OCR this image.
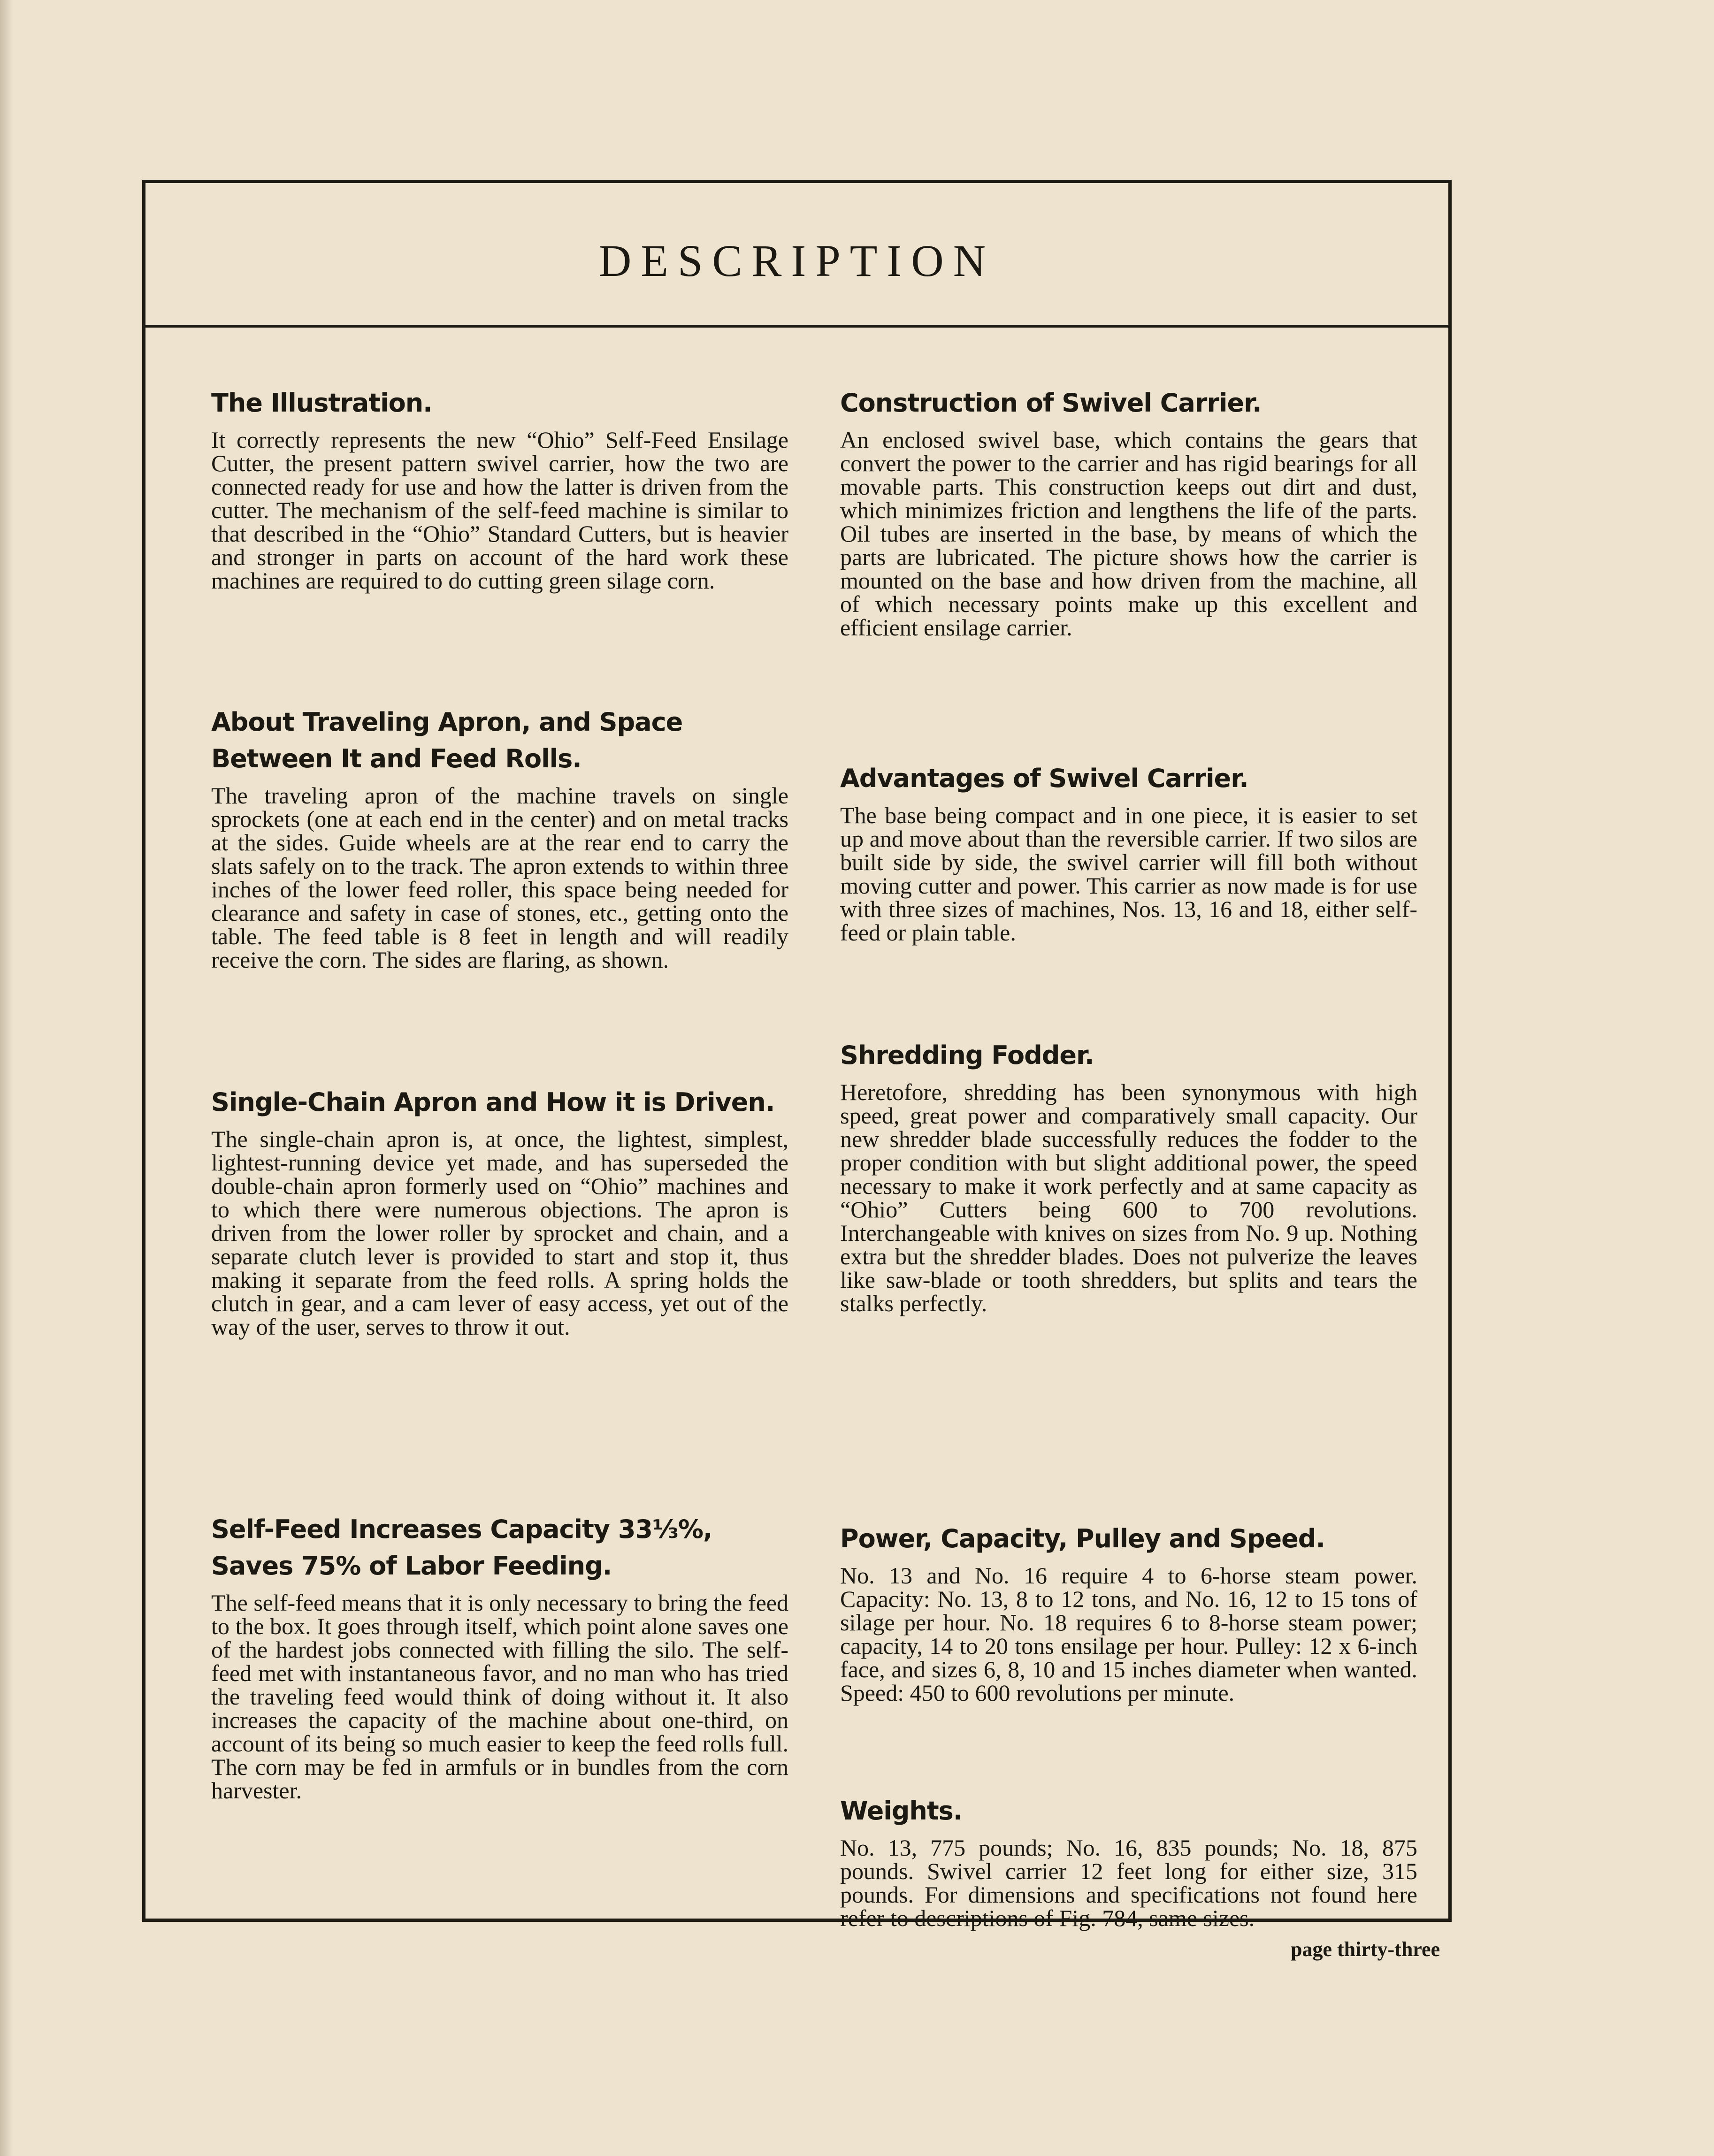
DESCRIPTION
The Illustration.

It correctly represents the new “Ohio” Self-Feed Ensilage Cutter, the present pattern swivel carrier, how the two are connected ready for use and how the latter is driven from the cutter. The mechanism of the self-feed machine is similar to that described in the “Ohio” Standard Cutters, but is heavier and stronger in parts on account of the hard work these machines are required to do cutting green silage corn.

About Traveling Apron, and Space Between It and Feed Rolls.

The traveling apron of the machine travels on single sprockets (one at each end in the center) and on metal tracks at the sides. Guide wheels are at the rear end to carry the slats safely on to the track. The apron extends to within three inches of the lower feed roller, this space being needed for clearance and safety in case of stones, etc., getting onto the table. The feed table is 8 feet in length and will readily receive the corn. The sides are flaring, as shown.

Single-Chain Apron and How it is Driven.

The single-chain apron is, at once, the lightest, simplest, lightest-running device yet made, and has superseded the double-chain apron formerly used on “Ohio” machines and to which there were numerous objections. The apron is driven from the lower roller by sprocket and chain, and a separate clutch lever is provided to start and stop it, thus making it separate from the feed rolls. A spring holds the clutch in gear, and a cam lever of easy access, yet out of the way of the user, serves to throw it out.

Self-Feed Increases Capacity 33⅓%, Saves 75% of Labor Feeding.

The self-feed means that it is only necessary to bring the feed to the box. It goes through itself, which point alone saves one of the hardest jobs connected with filling the silo. The self-feed met with instantaneous favor, and no man who has tried the traveling feed would think of doing without it. It also increases the capacity of the machine about one-third, on account of its being so much easier to keep the feed rolls full. The corn may be fed in armfuls or in bundles from the corn harvester.

Construction of Swivel Carrier.

An enclosed swivel base, which contains the gears that convert the power to the carrier and has rigid bearings for all movable parts. This construction keeps out dirt and dust, which minimizes friction and lengthens the life of the parts. Oil tubes are inserted in the base, by means of which the parts are lubricated. The picture shows how the carrier is mounted on the base and how driven from the machine, all of which necessary points make up this excellent and efficient ensilage carrier.

Advantages of Swivel Carrier.

The base being compact and in one piece, it is easier to set up and move about than the reversible carrier. If two silos are built side by side, the swivel carrier will fill both without moving cutter and power. This carrier as now made is for use with three sizes of machines, Nos. 13, 16 and 18, either self-feed or plain table.

Shredding Fodder.

Heretofore, shredding has been synonymous with high speed, great power and comparatively small capacity. Our new shredder blade successfully reduces the fodder to the proper condition with but slight additional power, the speed necessary to make it work perfectly and at same capacity as “Ohio” Cutters being 600 to 700 revolutions. Interchangeable with knives on sizes from No. 9 up. Nothing extra but the shredder blades. Does not pulverize the leaves like saw-blade or tooth shredders, but splits and tears the stalks perfectly.

Power, Capacity, Pulley and Speed.

No. 13 and No. 16 require 4 to 6-horse steam power. Capacity: No. 13, 8 to 12 tons, and No. 16, 12 to 15 tons of silage per hour. No. 18 requires 6 to 8-horse steam power; capacity, 14 to 20 tons ensilage per hour. Pulley: 12 x 6-inch face, and sizes 6, 8, 10 and 15 inches diameter when wanted. Speed: 450 to 600 revolutions per minute.

Weights.

No. 13, 775 pounds; No. 16, 835 pounds; No. 18, 875 pounds. Swivel carrier 12 feet long for either size, 315 pounds. For dimensions and specifications not found here refer to descriptions of Fig. 784, same sizes.

page thirty-three
